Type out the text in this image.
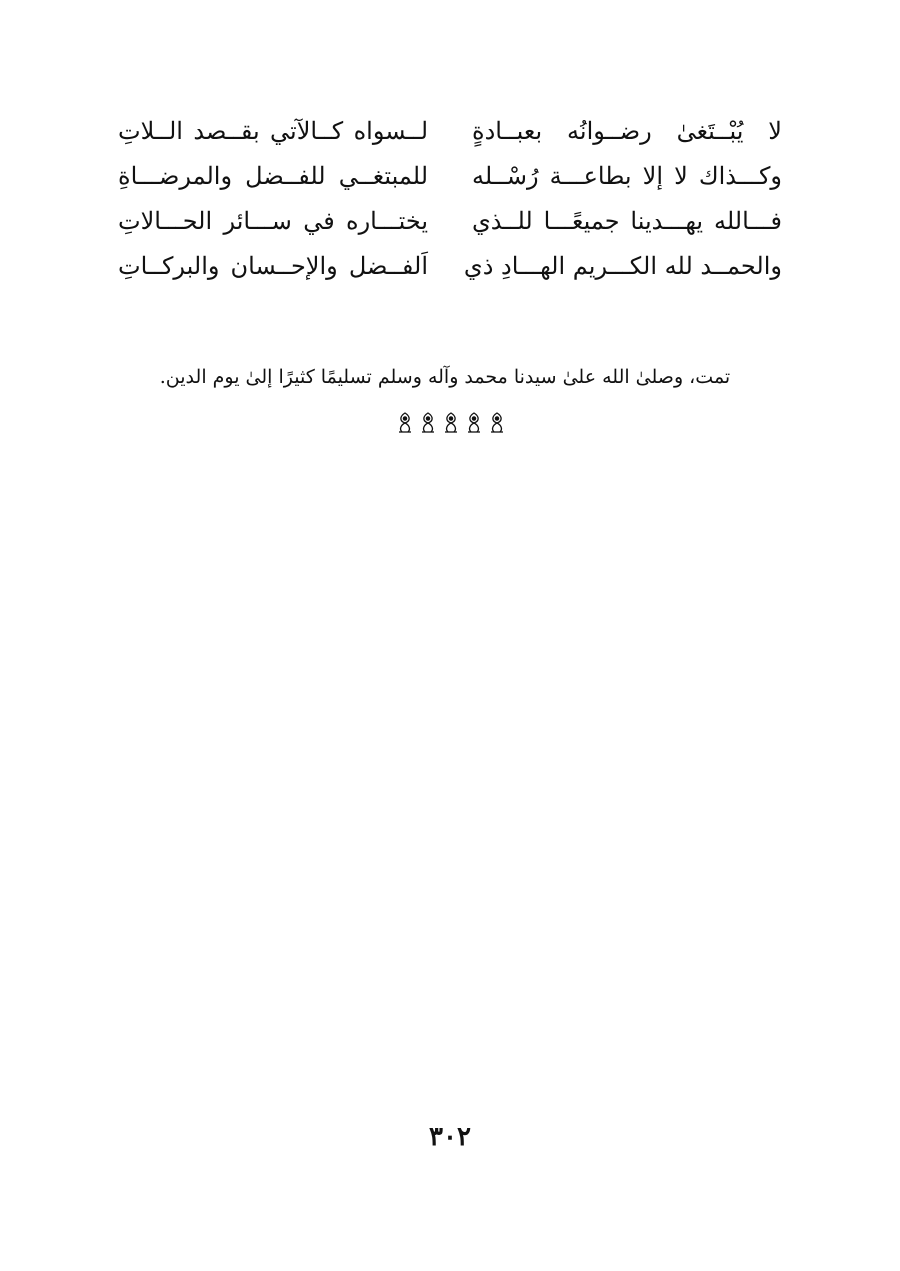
لا يُبْــتَغىٰ رضــوانُه بعبــادةٍ
لــسواه كــالآتي بقــصد الــلاتِ
وكـــذاك لا إلا بطاعـــة رُسْــله
للمبتغــي للفــضل والمرضـــاةِ
فـــالله يهـــدينا جميعًـــا للــذي
يختـــاره في ســـائر الحـــالاتِ
والحمــد لله الكـــريم الهـــادِ ذي
اَلفــضل والإحــسان والبركــاتِ
تمت، وصلىٰ الله علىٰ سيدنا محمد وآله وسلم تسليمًا كثيرًا إلىٰ يوم الدين.
٣٠٢
